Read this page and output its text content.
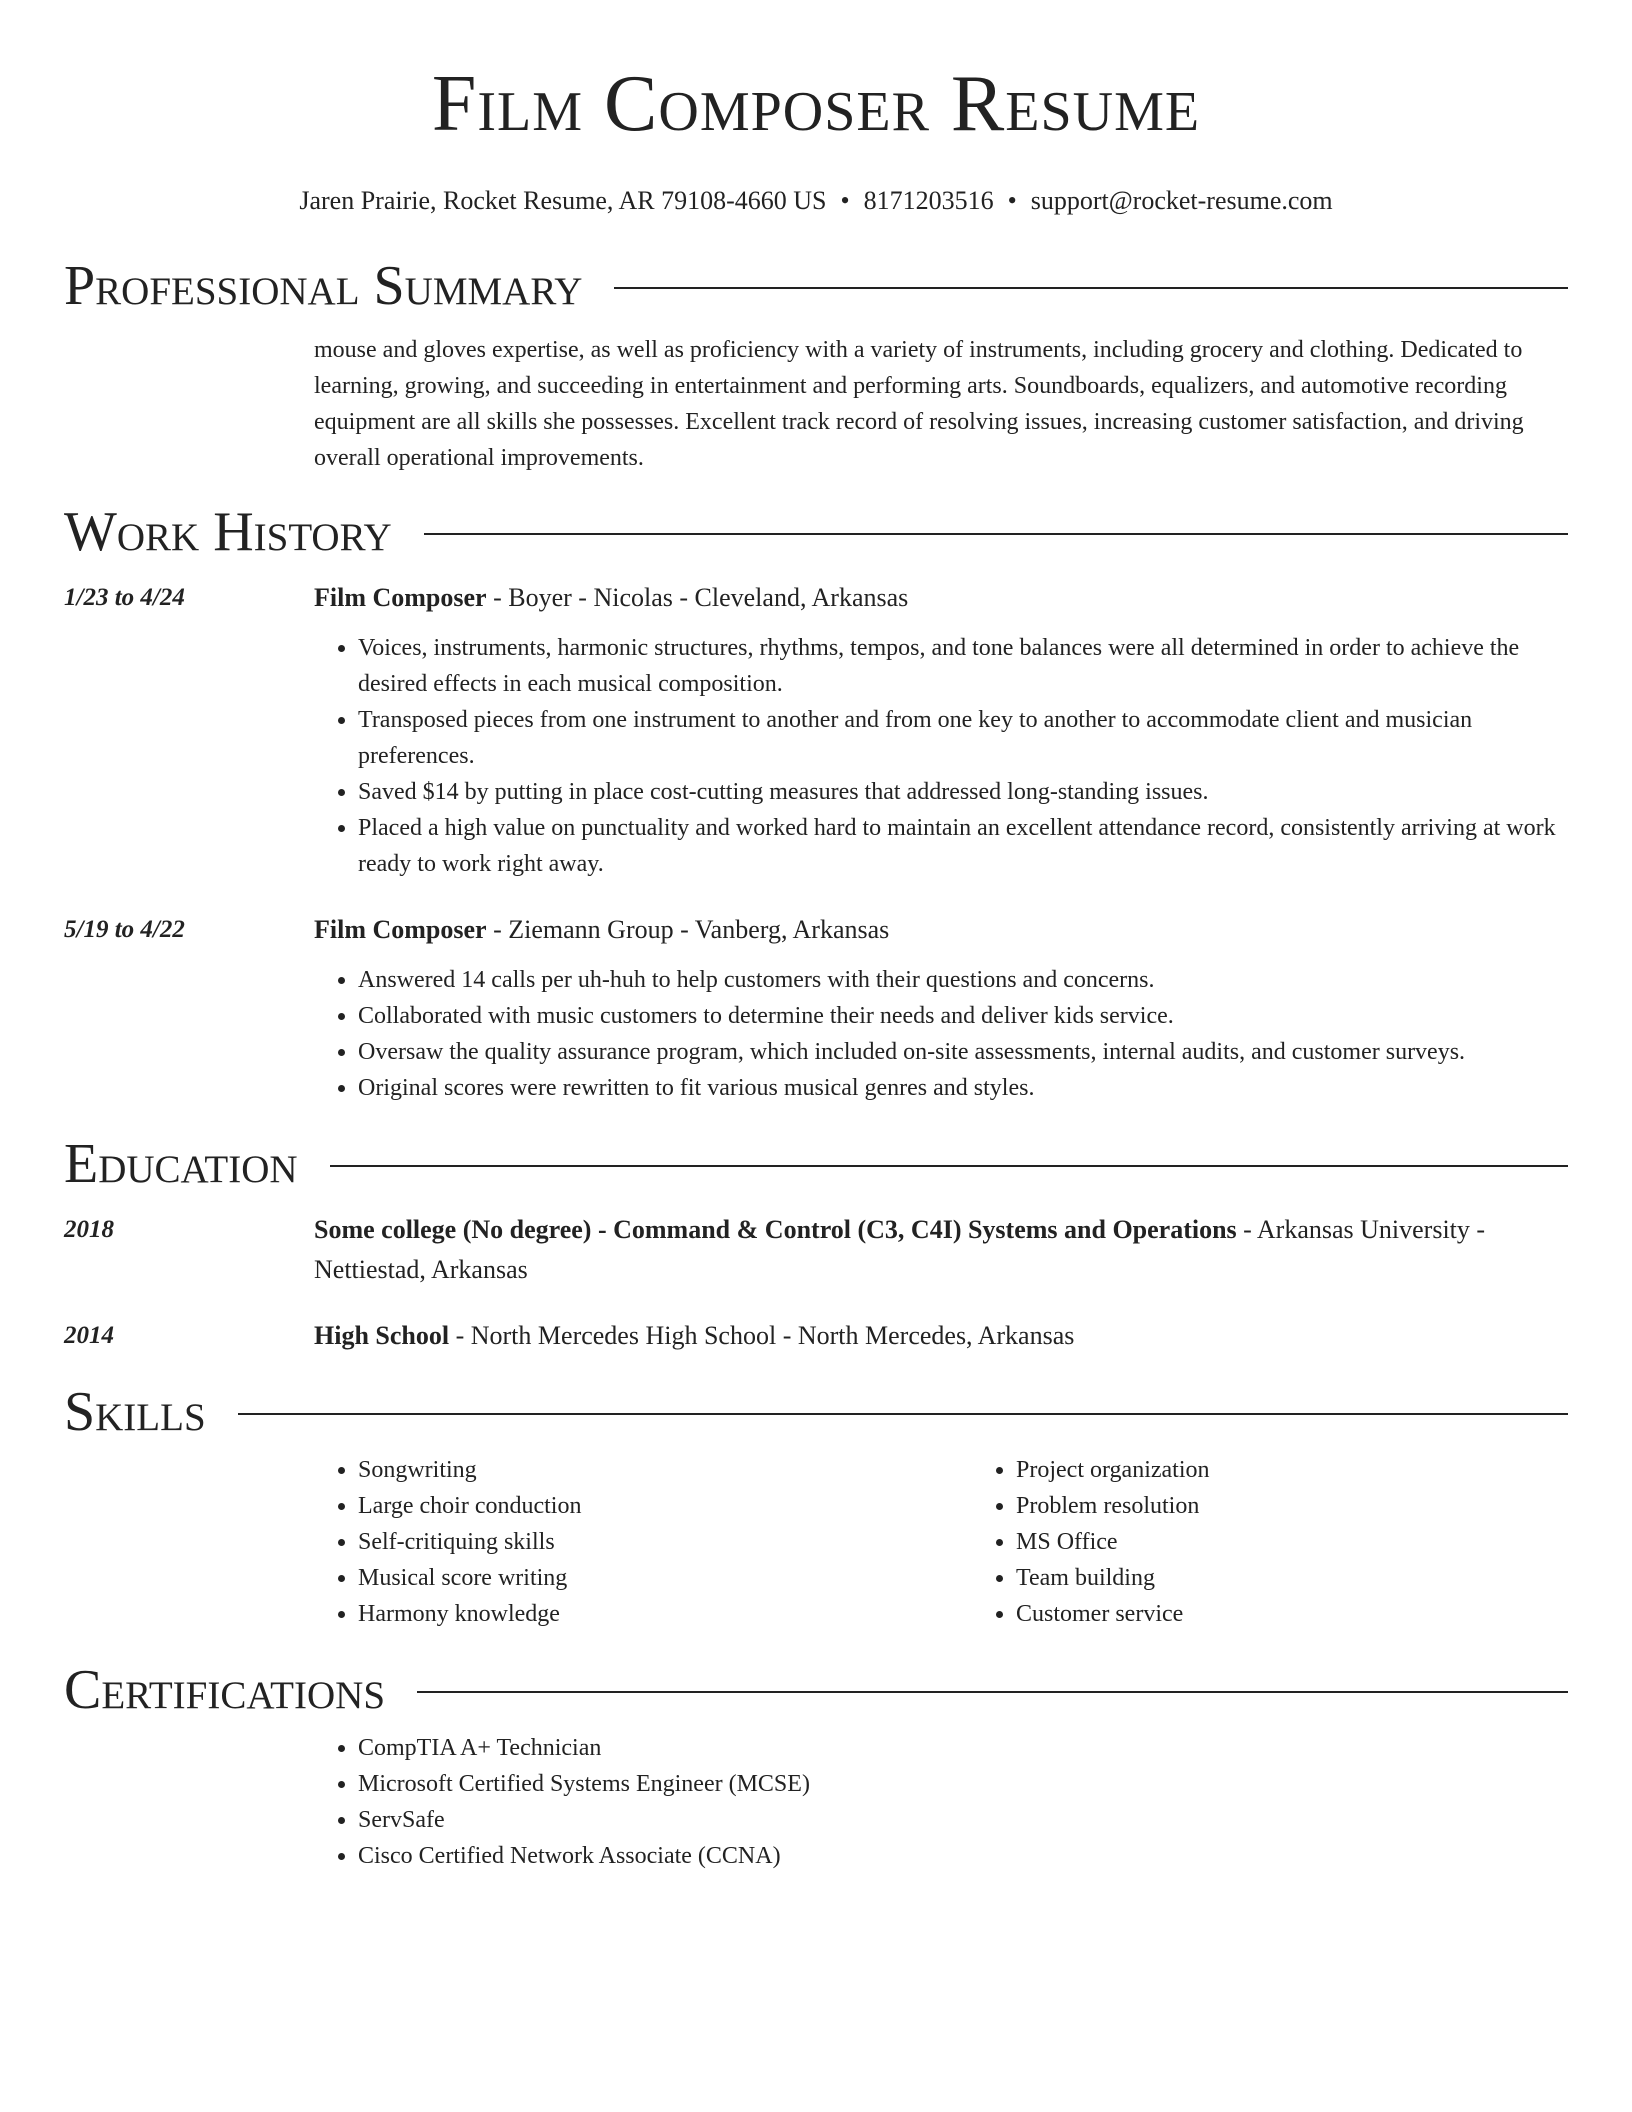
Film Composer Resume
Jaren Prairie, Rocket Resume, AR 79108-4660 US • 8171203516 • support@rocket-resume.com
Professional Summary
mouse and gloves expertise, as well as proficiency with a variety of instruments, including grocery and clothing. Dedicated to learning, growing, and succeeding in entertainment and performing arts. Soundboards, equalizers, and automotive recording equipment are all skills she possesses. Excellent track record of resolving issues, increasing customer satisfaction, and driving overall operational improvements.
Work History
1/23 to 4/24	Film Composer - Boyer - Nicolas - Cleveland, Arkansas
• Voices, instruments, harmonic structures, rhythms, tempos, and tone balances were all determined in order to achieve the desired effects in each musical composition.
• Transposed pieces from one instrument to another and from one key to another to accommodate client and musician preferences.
• Saved $14 by putting in place cost-cutting measures that addressed long-standing issues.
• Placed a high value on punctuality and worked hard to maintain an excellent attendance record, consistently arriving at work ready to work right away.
5/19 to 4/22	Film Composer - Ziemann Group - Vanberg, Arkansas
• Answered 14 calls per uh-huh to help customers with their questions and concerns.
• Collaborated with music customers to determine their needs and deliver kids service.
• Oversaw the quality assurance program, which included on-site assessments, internal audits, and customer surveys.
• Original scores were rewritten to fit various musical genres and styles.
Education
2018	Some college (No degree) - Command & Control (C3, C4I) Systems and Operations - Arkansas University - Nettiestad, Arkansas
2014	High School - North Mercedes High School - North Mercedes, Arkansas
Skills
• Songwriting
• Large choir conduction
• Self-critiquing skills
• Musical score writing
• Harmony knowledge
• Project organization
• Problem resolution
• MS Office
• Team building
• Customer service
Certifications
• CompTIA A+ Technician
• Microsoft Certified Systems Engineer (MCSE)
• ServSafe
• Cisco Certified Network Associate (CCNA)
